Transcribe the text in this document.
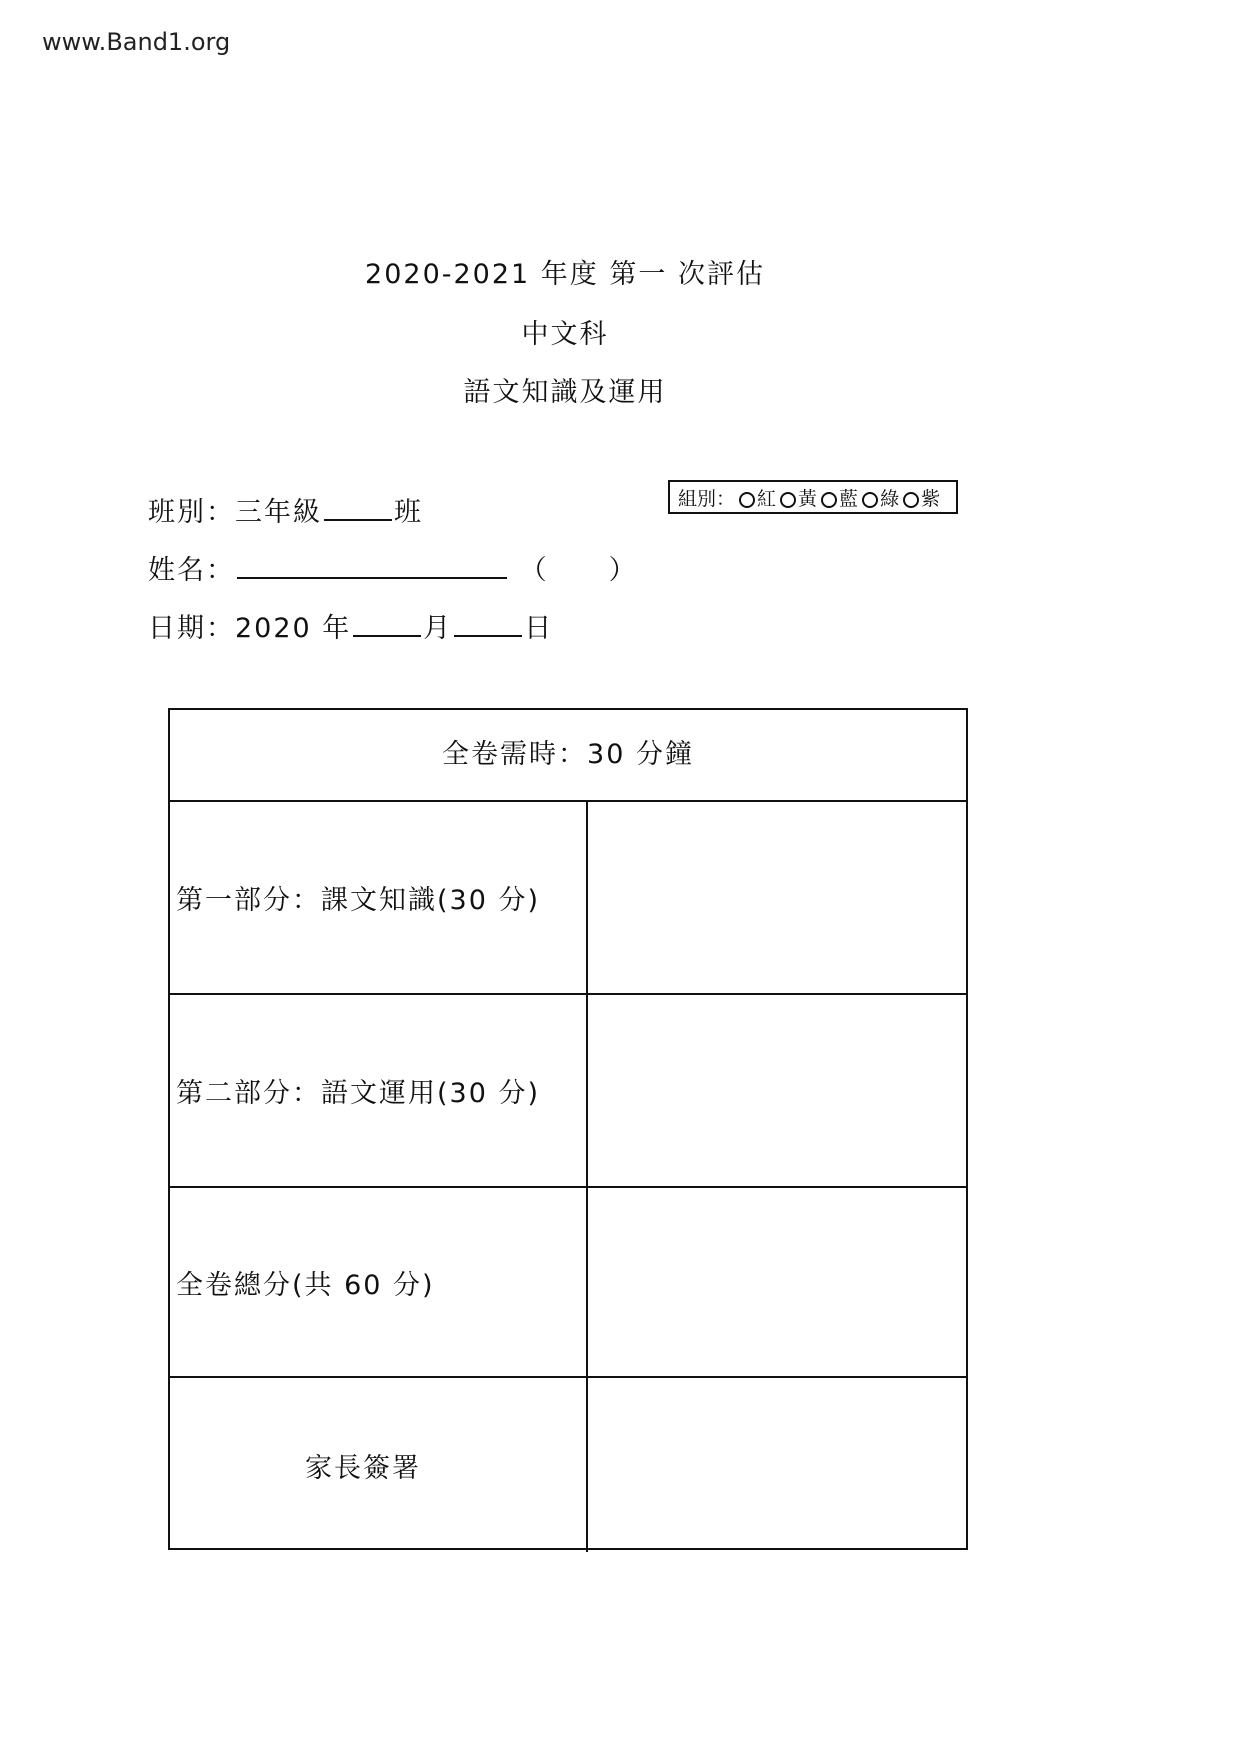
www.Band1.org
2020-2021 年度 第一 次評估
中文科
語文知識及運用
班別：三年級	班	組別： 紅 黃 藍 綠 紫
姓名：	（ ）
日期：2020 年	月	日
全卷需時：30 分鐘
第一部分：課文知識(30 分)
第二部分：語文運用(30 分)
全卷總分(共 60 分)
家長簽署
